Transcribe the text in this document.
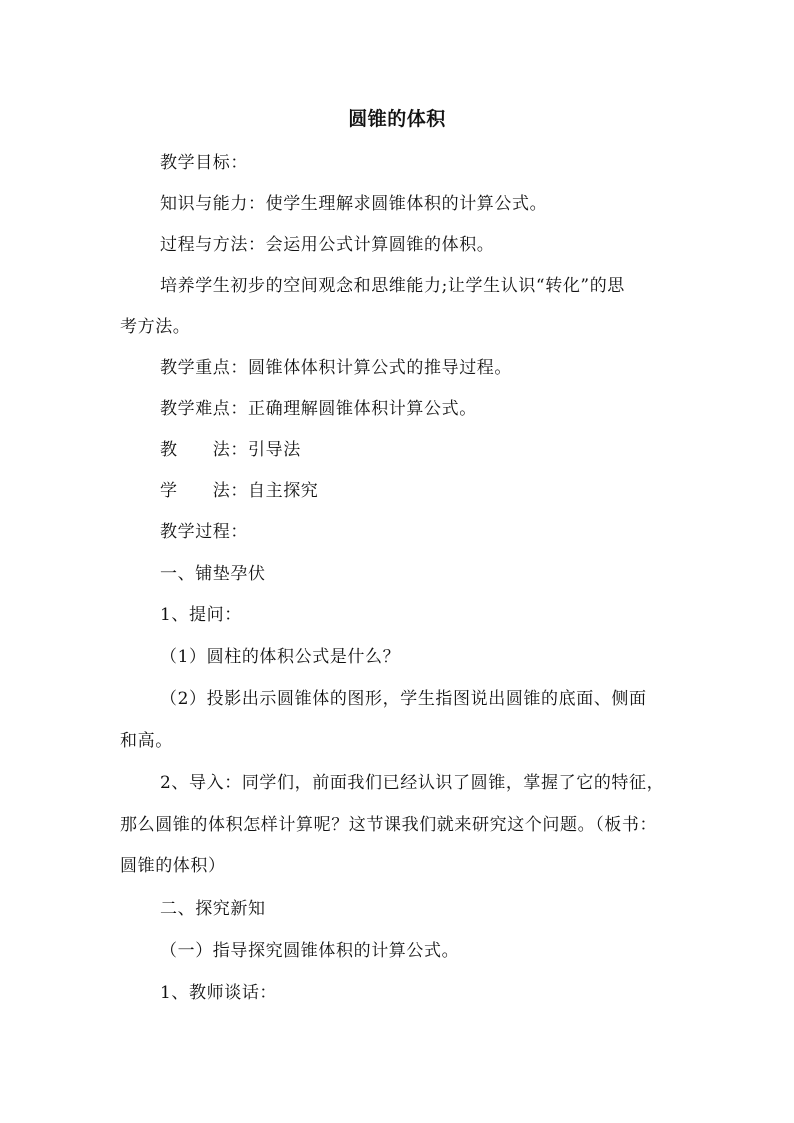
圆锥的体积
教学目标：
知识与能力：使学生理解求圆锥体积的计算公式。
过程与方法：会运用公式计算圆锥的体积。
培养学生初步的空间观念和思维能力;让学生认识“转化”的思
考方法。
教学重点：圆锥体体积计算公式的推导过程。
教学难点：正确理解圆锥体积计算公式。
教　　法：引导法
学　　法：自主探究
教学过程：
一、铺垫孕伏
1、提问：
（1）圆柱的体积公式是什么？
（2）投影出示圆锥体的图形，学生指图说出圆锥的底面、侧面
和高。
2、导入：同学们，前面我们已经认识了圆锥，掌握了它的特征，
那么圆锥的体积怎样计算呢？这节课我们就来研究这个问题。（板书：
圆锥的体积）
二、探究新知
（一）指导探究圆锥体积的计算公式。
1、教师谈话：
